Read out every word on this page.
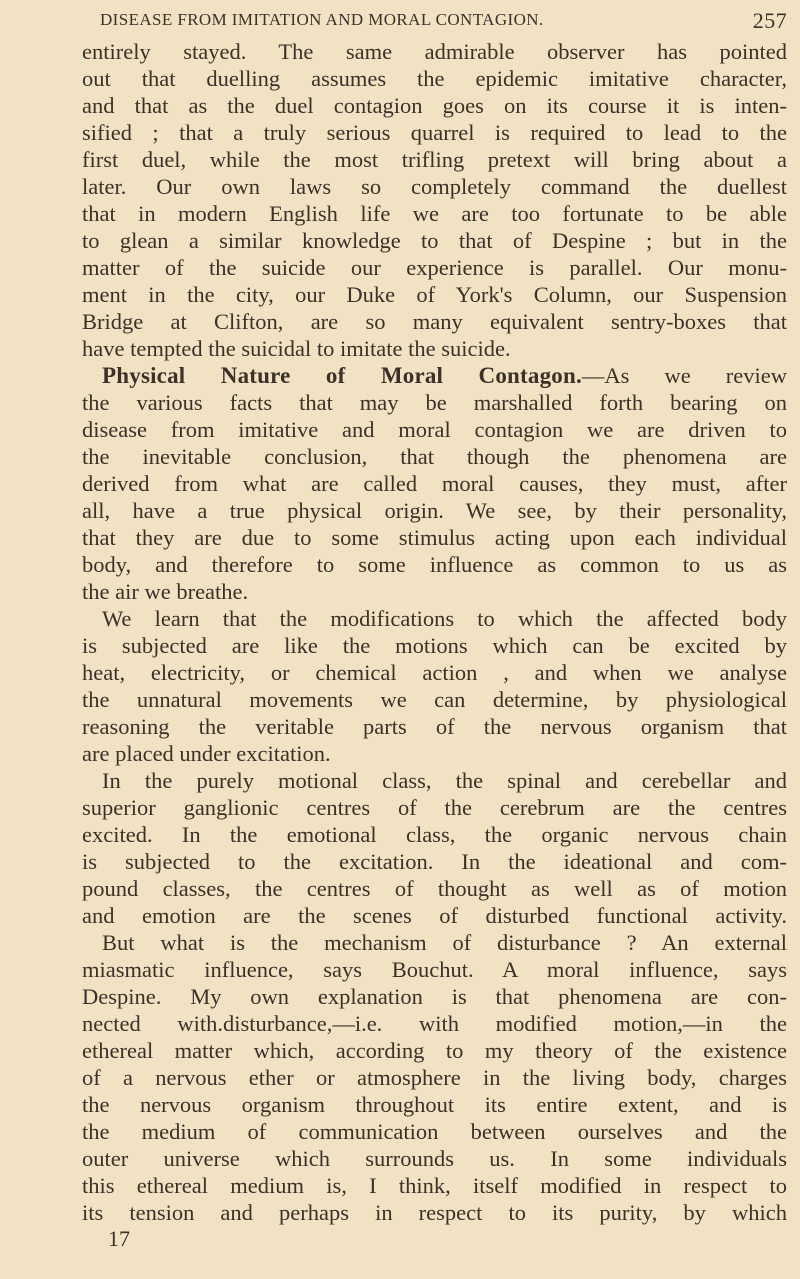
DISEASE FROM IMITATION AND MORAL CONTAGION.	257
entirely stayed. The same admirable observer has pointed
out that duelling assumes the epidemic imitative character,
and that as the duel contagion goes on its course it is inten-
sified ; that a truly serious quarrel is required to lead to the
first duel, while the most trifling pretext will bring about a
later. Our own laws so completely command the duellest
that in modern English life we are too fortunate to be able
to glean a similar knowledge to that of Despine ; but in the
matter of the suicide our experience is parallel. Our monu-
ment in the city, our Duke of York's Column, our Suspension
Bridge at Clifton, are so many equivalent sentry-boxes that
have tempted the suicidal to imitate the suicide.
Physical Nature of Moral Contagon.—As we review
the various facts that may be marshalled forth bearing on
disease from imitative and moral contagion we are driven to
the inevitable conclusion, that though the phenomena are
derived from what are called moral causes, they must, after
all, have a true physical origin. We see, by their personality,
that they are due to some stimulus acting upon each individual
body, and therefore to some influence as common to us as
the air we breathe.
We learn that the modifications to which the affected body
is subjected are like the motions which can be excited by
heat, electricity, or chemical action , and when we analyse
the unnatural movements we can determine, by physiological
reasoning the veritable parts of the nervous organism that
are placed under excitation.
In the purely motional class, the spinal and cerebellar and
superior ganglionic centres of the cerebrum are the centres
excited. In the emotional class, the organic nervous chain
is subjected to the excitation. In the ideational and com-
pound classes, the centres of thought as well as of motion
and emotion are the scenes of disturbed functional activity.
But what is the mechanism of disturbance ? An external
miasmatic influence, says Bouchut. A moral influence, says
Despine. My own explanation is that phenomena are con-
nected with.disturbance,—i.e. with modified motion,—in the
ethereal matter which, according to my theory of the existence
of a nervous ether or atmosphere in the living body, charges
the nervous organism throughout its entire extent, and is
the medium of communication between ourselves and the
outer universe which surrounds us. In some individuals
this ethereal medium is, I think, itself modified in respect to
its tension and perhaps in respect to its purity, by which
17
